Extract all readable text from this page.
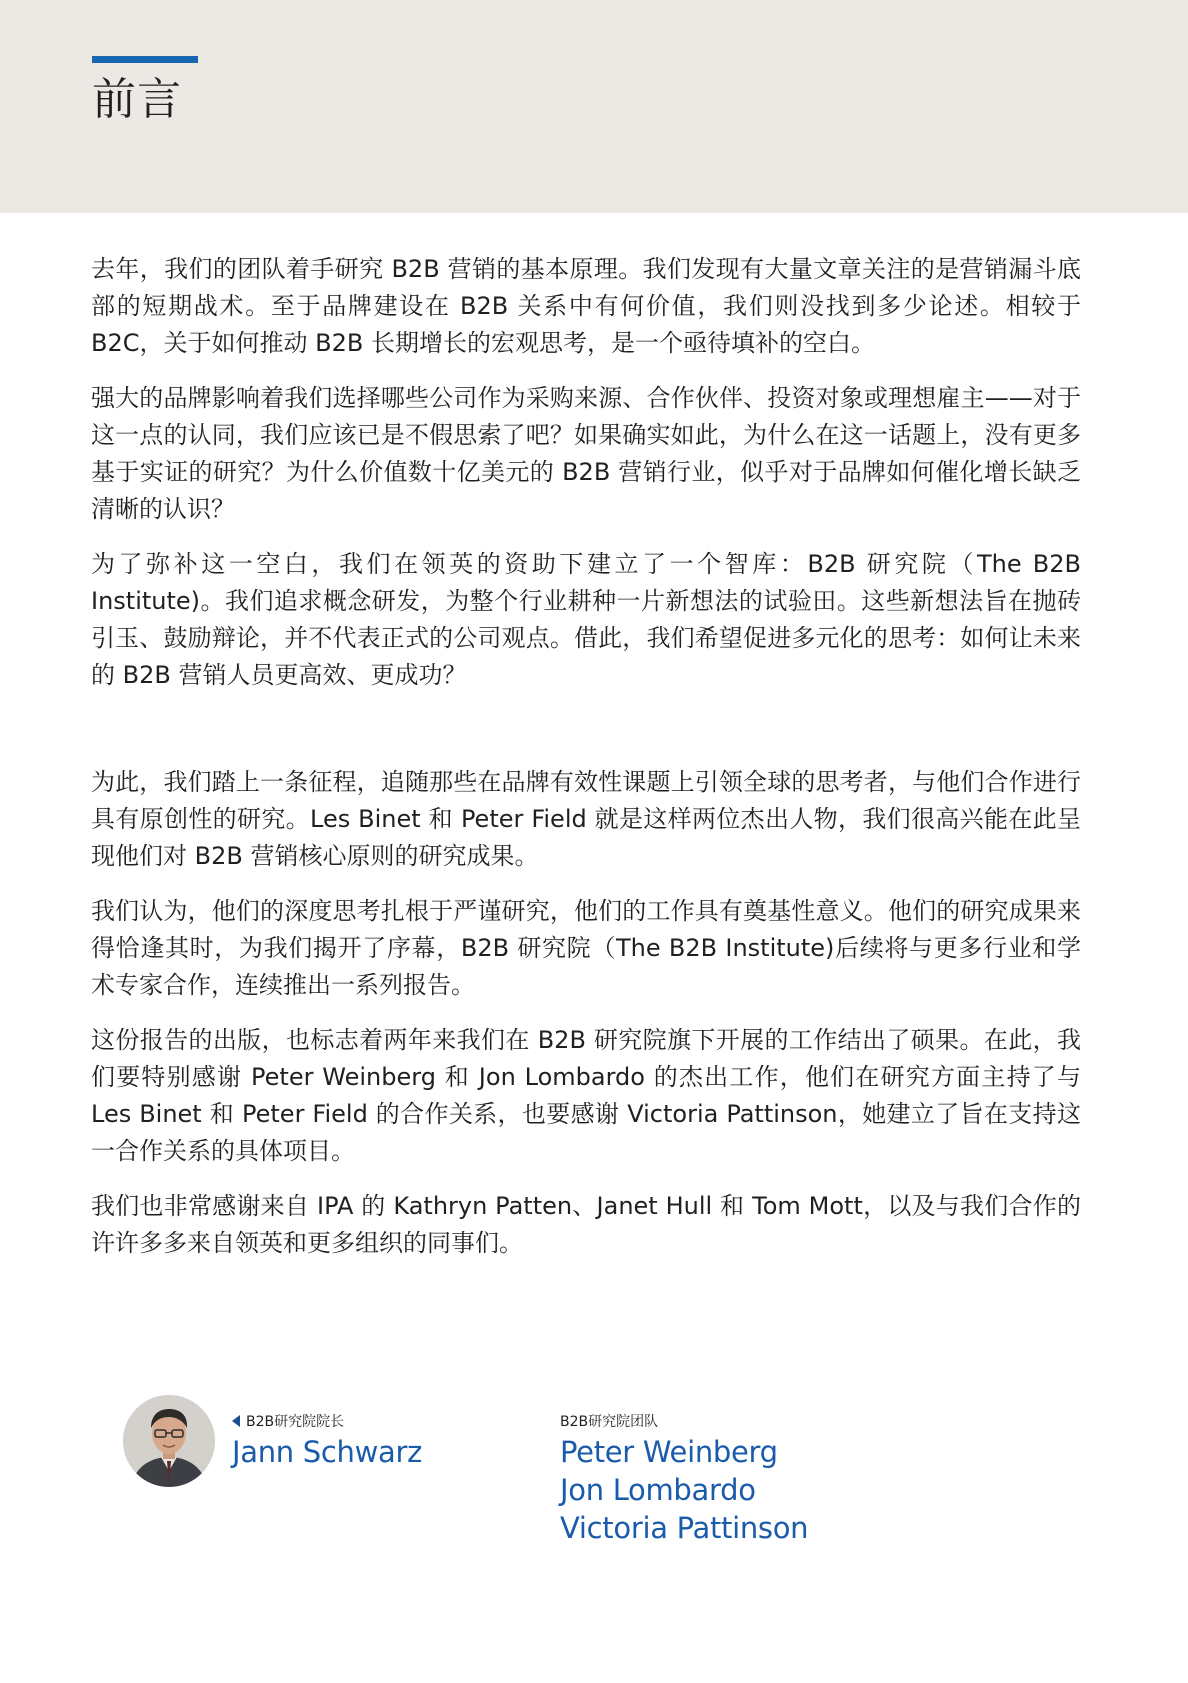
前言

去年，我们的团队着手研究 B2B 营销的基本原理。我们发现有大量文章关注的是营销漏斗底部的短期战术。至于品牌建设在 B2B 关系中有何价值，我们则没找到多少论述。相较于 B2C，关于如何推动 B2B 长期增长的宏观思考，是一个亟待填补的空白。

强大的品牌影响着我们选择哪些公司作为采购来源、合作伙伴、投资对象或理想雇主——对于这一点的认同，我们应该已是不假思索了吧？如果确实如此，为什么在这一话题上，没有更多基于实证的研究？为什么价值数十亿美元的 B2B 营销行业，似乎对于品牌如何催化增长缺乏清晰的认识？

为了弥补这一空白，我们在领英的资助下建立了一个智库：B2B 研究院（The B2B Institute)。我们追求概念研发，为整个行业耕种一片新想法的试验田。这些新想法旨在抛砖引玉、鼓励辩论，并不代表正式的公司观点。借此，我们希望促进多元化的思考：如何让未来的 B2B 营销人员更高效、更成功？

为此，我们踏上一条征程，追随那些在品牌有效性课题上引领全球的思考者，与他们合作进行具有原创性的研究。Les Binet 和 Peter Field 就是这样两位杰出人物，我们很高兴能在此呈现他们对 B2B 营销核心原则的研究成果。

我们认为，他们的深度思考扎根于严谨研究，他们的工作具有奠基性意义。他们的研究成果来得恰逢其时，为我们揭开了序幕，B2B 研究院（The B2B Institute)后续将与更多行业和学术专家合作，连续推出一系列报告。

这份报告的出版，也标志着两年来我们在 B2B 研究院旗下开展的工作结出了硕果。在此，我们要特别感谢 Peter Weinberg 和 Jon Lombardo 的杰出工作，他们在研究方面主持了与 Les Binet 和 Peter Field 的合作关系，也要感谢 Victoria Pattinson，她建立了旨在支持这一合作关系的具体项目。

我们也非常感谢来自 IPA 的 Kathryn Patten、Janet Hull 和 Tom Mott，以及与我们合作的许许多多来自领英和更多组织的同事们。

B2B研究院院长
Jann Schwarz
B2B研究院团队
Peter Weinberg
Jon Lombardo
Victoria Pattinson
